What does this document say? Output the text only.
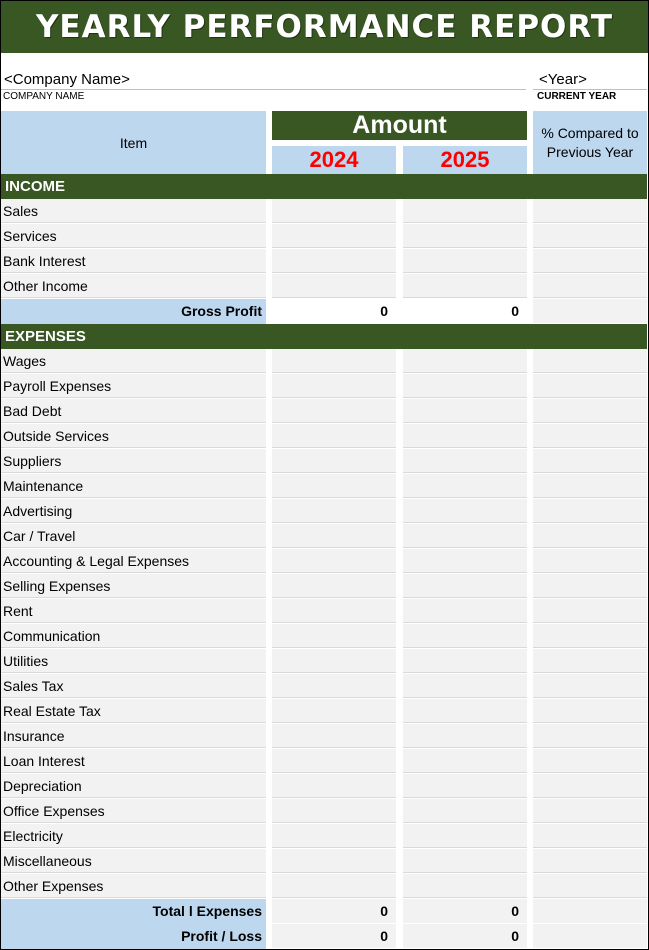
YEARLY PERFORMANCE REPORT
<Company Name>
COMPANY NAME
<Year>
CURRENT YEAR
Item
Amount
2024	2025
% Compared to Previous Year
INCOME
Sales
Services
Bank Interest
Other Income
Gross Profit	0	0
EXPENSES
Wages
Payroll Expenses
Bad Debt
Outside Services
Suppliers
Maintenance
Advertising
Car / Travel
Accounting & Legal Expenses
Selling Expenses
Rent
Communication
Utilities
Sales Tax
Real Estate Tax
Insurance
Loan Interest
Depreciation
Office Expenses
Electricity
Miscellaneous
Other Expenses
Total l Expenses	0	0
Profit / Loss	0	0
